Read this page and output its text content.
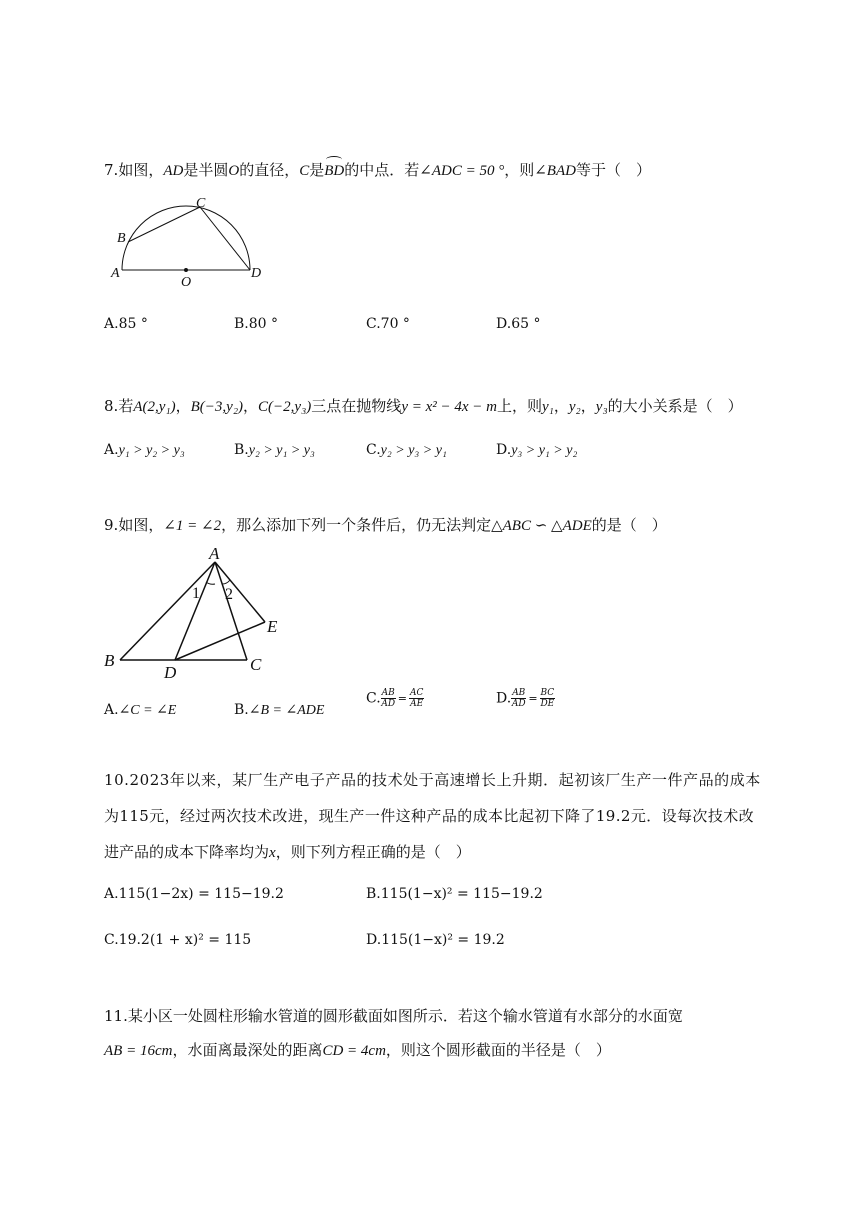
7.如图，AD是半圆O的直径，C是BD的中点．若∠ADC = 50 °，则∠BAD等于（　）
B
C
A	D
O
A.85 °	B.80 °	C.70 °	D.65 °
8.若A(2,y₁)，B(−3,y₂)，C(−2,y₃)三点在抛物线y = x² − 4x − m上，则y₁，y₂，y₃的大小关系是（　）
A.y₁ > y₂ > y₃	B.y₂ > y₁ > y₃	C.y₂ > y₃ > y₁	D.y₃ > y₁ > y₂
9.如图，∠1 = ∠2，那么添加下列一个条件后，仍无法判定△ABC ∽ △ADE的是（　）
A
B	C
D
E
1 2
A.∠C = ∠E	B.∠B = ∠ADE
C. $\frac{AB}{AD} = \frac{AC}{AE}$	D. $\frac{AB}{AD} = \frac{BC}{DE}$
10.2023年以来，某厂生产电子产品的技术处于高速增长上升期．起初该厂生产一件产品的成本
为115元，经过两次技术改进，现生产一件这种产品的成本比起初下降了19.2元．设每次技术改
进产品的成本下降率均为x，则下列方程正确的是（　）
A.115(1−2x) = 115−19.2	B.115(1−x)² = 115−19.2
C.19.2(1 + x)² = 115	D.115(1−x)² = 19.2
11.某小区一处圆柱形输水管道的圆形截面如图所示．若这个输水管道有水部分的水面宽
AB = 16cm，水面离最深处的距离CD = 4cm，则这个圆形截面的半径是（　）
